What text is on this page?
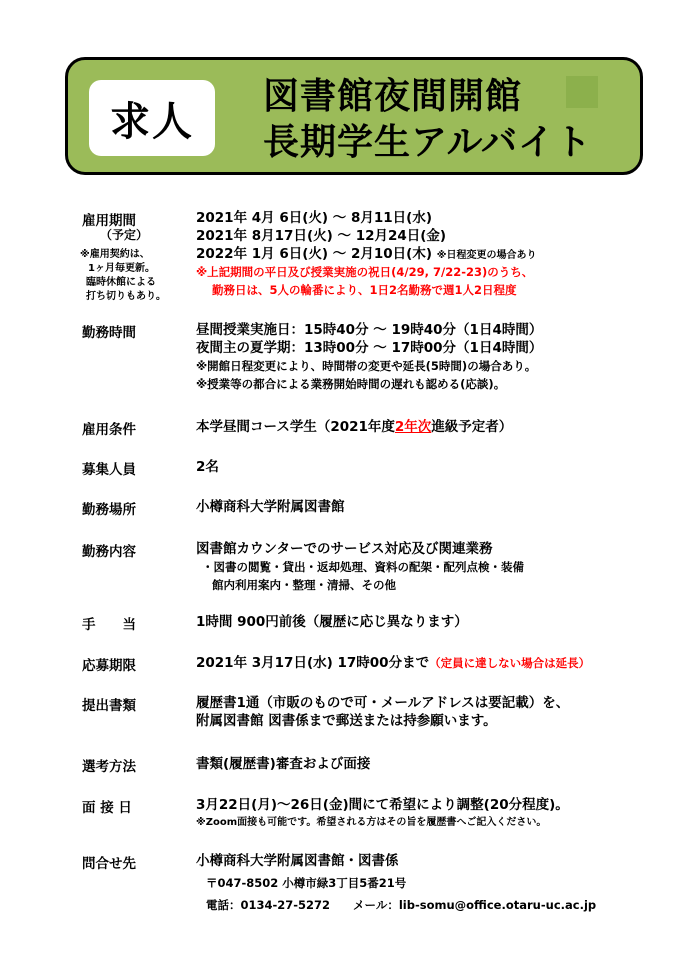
求人
図書館夜間開館
長期学生アルバイト
雇用期間	2021年 4月 6日(火) ～ 8月11日(水)
2021年 8月17日(火) ～ 12月24日(金)
2022年 1月 6日(火) ～ 2月10日(木) ※日程変更の場合あり
※上記期間の平日及び授業実施の祝日(4/29, 7/22-23)のうち、
勤務日は、5人の輪番により、1日2名勤務で週1人2日程度
（予定）
※雇用契約は、
1ヶ月毎更新。
臨時休館による
打ち切りもあり。
勤務時間	昼間授業実施日：15時40分 ～ 19時40分（1日4時間）
夜間主の夏学期：13時00分 ～ 17時00分（1日4時間）
※開館日程変更により、時間帯の変更や延長(5時間)の場合あり。
※授業等の都合による業務開始時間の遅れも認める(応談)。
雇用条件	本学昼間コース学生（2021年度2年次進級予定者）
募集人員	2名
勤務場所	小樽商科大学附属図書館
勤務内容	図書館カウンターでのサービス対応及び関連業務
・図書の閲覧・貸出・返却処理、資料の配架・配列点検・装備
館内利用案内・整理・清掃、その他
手　　当	1時間 900円前後（履歴に応じ異なります）
応募期限	2021年 3月17日(水) 17時00分まで（定員に達しない場合は延長）
提出書類	履歴書1通（市販のもので可・メールアドレスは要記載）を、
附属図書館 図書係まで郵送または持参願います。
選考方法	書類(履歴書)審査および面接
面 接 日	3月22日(月)～26日(金)間にて希望により調整(20分程度)。
※Zoom面接も可能です。希望される方はその旨を履歴書へご記入ください。
問合せ先	小樽商科大学附属図書館・図書係
〒047-8502 小樽市緑3丁目5番21号
電話：0134-27-5272　　メール：lib-somu@office.otaru-uc.ac.jp
